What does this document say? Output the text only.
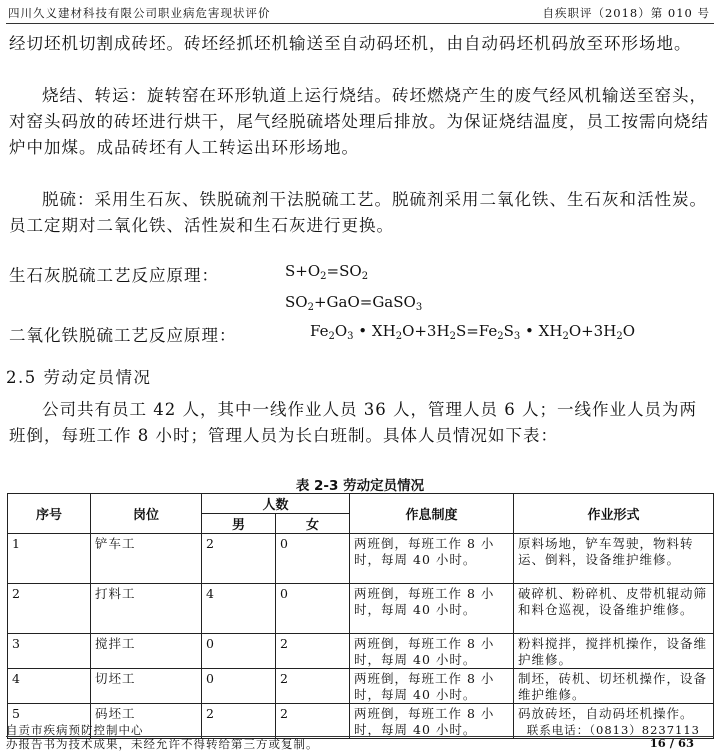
四川久义建材科技有限公司职业病危害现状评价	自疾职评（2018）第 010 号

经切坯机切割成砖坯。砖坯经抓坯机输送至自动码坯机，由自动码坯机码放至环形场地。

烧结、转运：旋转窑在环形轨道上运行烧结。砖坯燃烧产生的废气经风机输送至窑头，对窑头码放的砖坯进行烘干，尾气经脱硫塔处理后排放。为保证烧结温度，员工按需向烧结炉中加煤。成品砖坯有人工转运出环形场地。

脱硫：采用生石灰、铁脱硫剂干法脱硫工艺。脱硫剂采用二氧化铁、生石灰和活性炭。员工定期对二氧化铁、活性炭和生石灰进行更换。

生石灰脱硫工艺反应原理：	$S+O_2=SO_2$
$SO_2+GaO=GaSO_3$
二氧化铁脱硫工艺反应原理：	$Fe_2O_3$ • $XH_2O+3H_2S=Fe_2S_3$ • $XH_2O+3H_2O$
2.5 劳动定员情况

公司共有员工 42 人，其中一线作业人员 36 人，管理人员 6 人；一线作业人员为两班倒，每班工作 8 小时；管理人员为长白班制。具体人员情况如下表：

表 2-3 劳动定员情况
序号	岗位	人数		作息制度	作业形式
		男	女		
1	铲车工	2	0	两班倒，每班工作 8 小时，每周 40 小时。	原料场地，铲车驾驶，物料转运、倒料，设备维护维修。
2	打料工	4	0	两班倒，每班工作 8 小时，每周 40 小时。	破碎机、粉碎机、皮带机辊动筛和料仓巡视，设备维护维修。
3	搅拌工	0	2	两班倒，每班工作 8 小时，每周 40 小时。	粉料搅拌，搅拌机操作，设备维护维修。
4	切坯工	0	2	两班倒，每班工作 8 小时，每周 40 小时。	制坯，砖机、切坯机操作，设备维护维修。
5	码坯工	2	2	两班倒，每班工作 8 小时，每周 40 小时。	码放砖坯，自动码坯机操作。
自贡市疾病预防控制中心	联系电话：（0813）8237113
办报告书为技术成果，未经允许不得转给第三方或复制。	16 / 63
